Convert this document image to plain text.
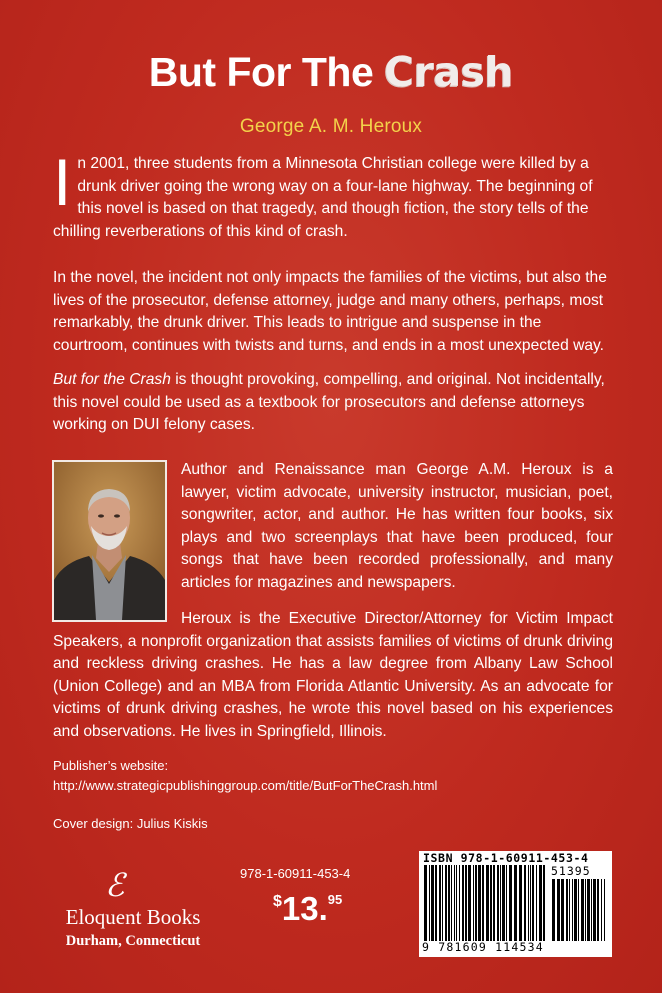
But For The Crash
George A. M. Heroux

In 2001, three students from a Minnesota Christian college were killed by a drunk driver going the wrong way on a four-lane highway. The beginning of this novel is based on that tragedy, and though fiction, the story tells of the chilling reverberations of this kind of crash.

In the novel, the incident not only impacts the families of the victims, but also the lives of the prosecutor, defense attorney, judge and many others, perhaps, most remarkably, the drunk driver. This leads to intrigue and suspense in the courtroom, continues with twists and turns, and ends in a most unexpected way.

But for the Crash is thought provoking, compelling, and original. Not incidentally, this novel could be used as a textbook for prosecutors and defense attorneys working on DUI felony cases.

Author and Renaissance man George A.M. Heroux is a lawyer, victim advocate, university instructor, musician, poet, songwriter, actor, and author. He has written four books, six plays and two screenplays that have been produced, four songs that have been recorded professionally, and many articles for magazines and newspapers.

Heroux is the Executive Director/Attorney for Victim Impact Speakers, a nonprofit organization that assists families of victims of drunk driving and reckless driving crashes. He has a law degree from Albany Law School (Union College) and an MBA from Florida Atlantic University. As an advocate for victims of drunk driving crashes, he wrote this novel based on his experiences and observations. He lives in Springfield, Illinois.

Publisher’s website:
http://www.strategicpublishinggroup.com/title/ButForTheCrash.html
Cover design: Julius Kiskis
ℰ
Eloquent Books
Durham, Connecticut
978-1-60911-453-4
$13.95
ISBN 978-1-60911-453-4
51395
9 781609 114534
